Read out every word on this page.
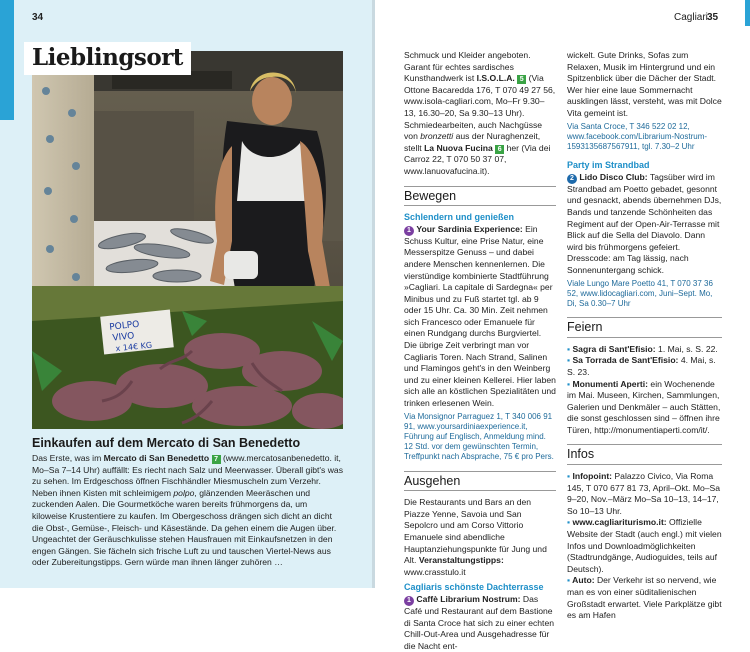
34	Cagliari 35
Lieblingsort
Einkaufen auf dem Mercato di San Benedetto
Das Erste, was im Mercato di San Benedetto 7 (www.mercatosanbenedetto. it, Mo–Sa 7–14 Uhr) auffällt: Es riecht nach Salz und Meerwasser. Überall gibt's was zu sehen. Im Erdgeschoss öffnen Fischhändler Miesmuscheln zum Verzehr. Neben ihnen Kisten mit schleimigem polpo, glänzenden Meeräschen und zuckenden Aalen. Die Gourmetköche waren bereits frühmorgens da, um kiloweise Krustentiere zu kaufen. Im Obergeschoss drängen sich dicht an dicht die Obst-, Gemüse-, Fleisch- und Käsestände. Da gehen einem die Augen über. Ungeachtet der Geräuschkulisse stehen Hausfrauen mit Einkaufsnetzen in den engen Gängen. Sie fächeln sich frische Luft zu und tauschen Viertel-News aus oder Zubereitungstipps. Gern würde man ihnen länger zuhören …

Schmuck und Kleider angeboten. Garant für echtes sardisches Kunsthandwerk ist I.S.O.L.A. 5 (Via Ottone Bacaredda 176, T 070 49 27 56, www.isola-cagliari.com, Mo–Fr 9.30–13, 16.30–20, Sa 9.30–13 Uhr). Schmiedearbeiten, auch Nachgüsse von bronzetti aus der Nuraghenzeit, stellt La Nuova Fucina 6 her (Via dei Carroz 22, T 070 50 37 07, www.lanuovafucina.it).

Bewegen
Schlendern und genießen

1 Your Sardinia Experience: Ein Schuss Kultur, eine Prise Natur, eine Messerspitze Genuss – und dabei andere Menschen kennenlernen. Die vierstündige kombinierte Stadtführung »Cagliari. La capitale di Sardegna« per Minibus und zu Fuß startet tgl. ab 9 oder 15 Uhr. Ca. 30 Min. Zeit nehmen sich Francesco oder Emanuele für einen Rundgang durchs Burgviertel. Die übrige Zeit verbringt man vor Cagliaris Toren. Nach Strand, Salinen und Flamingos geht's in den Weinberg und zu einer kleinen Kellerei. Hier laben sich alle an köstlichen Spezialitäten und trinken erlesenen Wein.

Via Monsignor Parraguez 1, T 340 006 91 91, www.yoursardiniaexperience.it, Führung auf Englisch, Anmeldung mind. 12 Std. vor dem gewünschten Termin, Treffpunkt nach Absprache, 75 € pro Pers.

Ausgehen

Die Restaurants und Bars an den Piazze Yenne, Savoia und San Sepolcro und am Corso Vittorio Emanuele sind abendliche Hauptanziehungspunkte für Jung und Alt. Veranstaltungstipps: www.crasstulo.it

Cagliaris schönste Dachterrasse

1 Caffè Librarium Nostrum: Das Café und Restaurant auf dem Bastione di Santa Croce hat sich zu einer echten Chill-Out-Area und Ausgehadresse für die Nacht ent-

wickelt. Gute Drinks, Sofas zum Relaxen, Musik im Hintergrund und ein Spitzenblick über die Dächer der Stadt. Wer hier eine laue Sommernacht ausklingen lässt, versteht, was mit Dolce Vita gemeint ist.

Via Santa Croce, T 346 522 02 12, www.facebook.com/Librarium-Nostrum-159313568756791​1, tgl. 7.30–2 Uhr

Party im Strandbad

2 Lido Disco Club: Tagsüber wird im Strandbad am Poetto gebadet, gesonnt und gesnackt, abends übernehmen DJs, Bands und tanzende Schönheiten das Regiment auf der Open-Air-Terrasse mit Blick auf die Sella del Diavolo. Dann wird bis frühmorgens gefeiert. Dresscode: am Tag lässig, nach Sonnenuntergang schick.

Viale Lungo Mare Poetto 41, T 070 37 36 52, www.lidocagliari.com, Juni–Sept. Mo, Di, Sa 0.30–7 Uhr

Feiern

▪ Sagra di Sant'Efisio: 1. Mai, s. S. 22.

▪ Sa Torrada de Sant'Efisio: 4. Mai, s. S. 23.

▪ Monumenti Aperti: ein Wochenende im Mai. Museen, Kirchen, Sammlungen, Galerien und Denkmäler – auch Stätten, die sonst geschlossen sind – öffnen ihre Türen, http://monumentiaperti.com/it/.

Infos

▪ Infopoint: Palazzo Civico, Via Roma 145, T 070 677 81 73, April–Okt. Mo–Sa 9–20, Nov.–März Mo–Sa 10–13, 14–17, So 10–13 Uhr.

▪ www.cagliariturismo.it: Offizielle Website der Stadt (auch engl.) mit vielen Infos und Downloadmöglichkeiten (Stadtrundgänge, Audioguides, teils auf Deutsch).

▪ Auto: Der Verkehr ist so nervend, wie man es von einer süditalienischen Großstadt erwartet. Viele Parkplätze gibt es am Hafen
